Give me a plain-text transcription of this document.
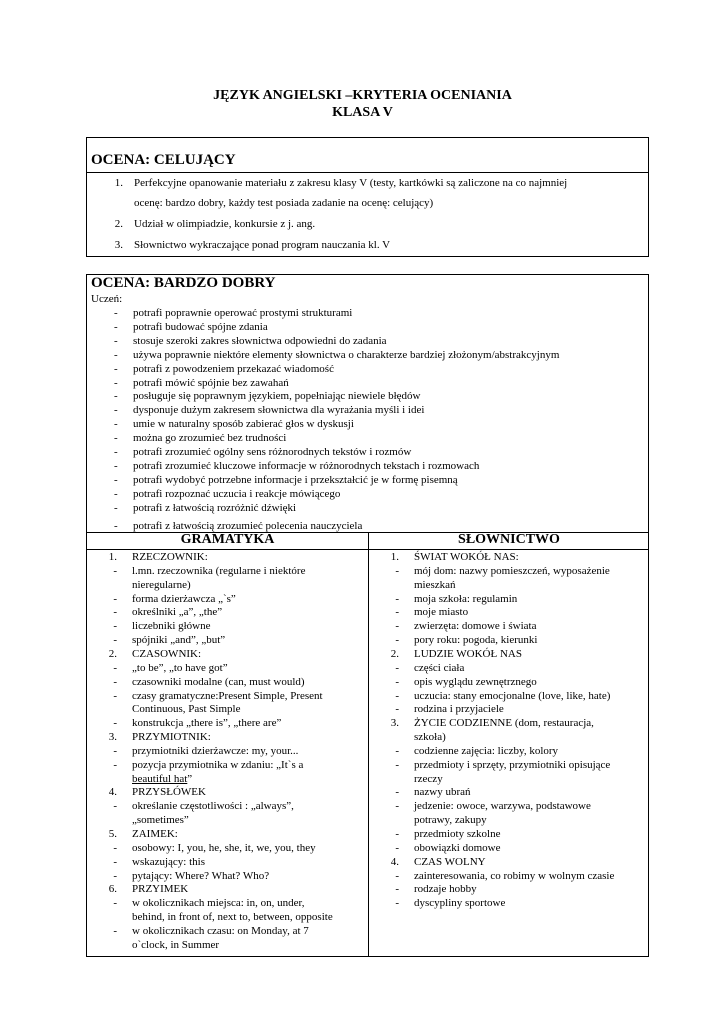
JĘZYK ANGIELSKI –KRYTERIA OCENIANIA
KLASA V
OCENA: CELUJĄCY
1. Perfekcyjne opanowanie materiału z zakresu klasy V (testy, kartkówki są zaliczone na co najmniej
ocenę: bardzo dobry, każdy test posiada zadanie na ocenę: celujący)
2. Udział w olimpiadzie, konkursie z j. ang.
3. Słownictwo wykraczające ponad program nauczania kl. V
OCENA: BARDZO DOBRY
Uczeń:
- potrafi poprawnie operować prostymi strukturami
- potrafi budować spójne zdania
- stosuje szeroki zakres słownictwa odpowiedni do zadania
- używa poprawnie niektóre elementy słownictwa o charakterze bardziej złożonym/abstrakcyjnym
- potrafi z powodzeniem przekazać wiadomość
- potrafi mówić spójnie bez zawahań
- posługuje się poprawnym językiem, popełniając niewiele błędów
- dysponuje dużym zakresem słownictwa dla wyrażania myśli i idei
- umie w naturalny sposób zabierać głos w dyskusji
- można go zrozumieć bez trudności
- potrafi zrozumieć ogólny sens różnorodnych tekstów i rozmów
- potrafi zrozumieć kluczowe informacje w różnorodnych tekstach i rozmowach
- potrafi wydobyć potrzebne informacje i przekształcić je w formę pisemną
- potrafi rozpoznać uczucia i reakcje mówiącego
- potrafi z łatwością rozróżnić dźwięki
- potrafi z łatwością zrozumieć polecenia nauczyciela
GRAMATYKA	SŁOWNICTWO
1. RZECZOWNIK:
- l.mn. rzeczownika (regularne i niektóre
nieregularne)
- forma dzierżawcza „`s”
- określniki „a”, „the”
- liczebniki główne
- spójniki „and”, „but”
2. CZASOWNIK:
- „to be”, „to have got”
- czasowniki modalne (can, must would)
- czasy gramatyczne:Present Simple, Present
Continuous, Past Simple
- konstrukcja „there is”, „there are”
3. PRZYMIOTNIK:
- przymiotniki dzierżawcze: my, your...
- pozycja przymiotnika w zdaniu: „It`s a
beautiful hat”
4. PRZYSŁÓWEK
- określanie częstotliwości : „always”,
„sometimes”
5. ZAIMEK:
- osobowy: I, you, he, she, it, we, you, they
- wskazujący: this
- pytający: Where? What? Who?
6. PRZYIMEK
- w okolicznikach miejsca: in, on, under,
behind, in front of, next to, between, opposite
- w okolicznikach czasu: on Monday, at 7
o`clock, in Summer
1. ŚWIAT WOKÓŁ NAS:
- mój dom: nazwy pomieszczeń, wyposażenie
mieszkań
- moja szkoła: regulamin
- moje miasto
- zwierzęta: domowe i świata
- pory roku: pogoda, kierunki
2. LUDZIE WOKÓŁ NAS
- części ciała
- opis wyglądu zewnętrznego
- uczucia: stany emocjonalne (love, like, hate)
- rodzina i przyjaciele
3. ŻYCIE CODZIENNE (dom, restauracja,
szkoła)
- codzienne zajęcia: liczby, kolory
- przedmioty i sprzęty, przymiotniki opisujące
rzeczy
- nazwy ubrań
- jedzenie: owoce, warzywa, podstawowe
potrawy, zakupy
- przedmioty szkolne
- obowiązki domowe
4. CZAS WOLNY
- zainteresowania, co robimy w wolnym czasie
- rodzaje hobby
- dyscypliny sportowe
